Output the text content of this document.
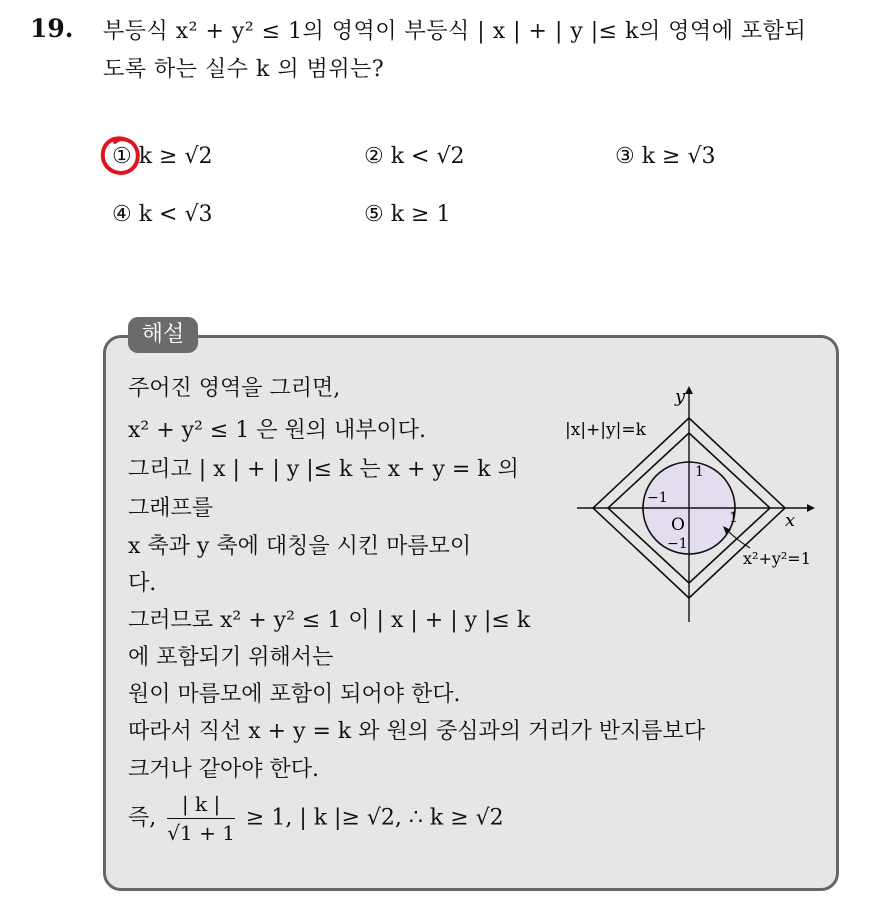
19. 부등식 x² + y² ≤ 1의 영역이 부등식 | x | + | y |≤ k의 영역에 포함되
도록 하는 실수 k 의 범위는?
① k ≥ √2	② k < √2	③ k ≥ √3
④ k < √3	⑤ k ≥ 1
해설
주어진 영역을 그리면,
x² + y² ≤ 1 은 원의 내부이다.
그리고 | x | + | y |≤ k 는 x + y = k 의
그래프를
x 축과 y 축에 대칭을 시킨 마름모이
다.
그러므로 x² + y² ≤ 1 이 | x | + | y |≤ k
에 포함되기 위해서는
원이 마름모에 포함이 되어야 한다.
따라서 직선 x + y = k 와 원의 중심과의 거리가 반지름보다
크거나 같아야 한다.
즉, $\frac{| k |}{√1 + 1} \ge 1$, | k |≥ √2, ∴ k ≥ √2
y
x
|x|+|y|=k
x²+y²=1
O
1
−1
1
−1
